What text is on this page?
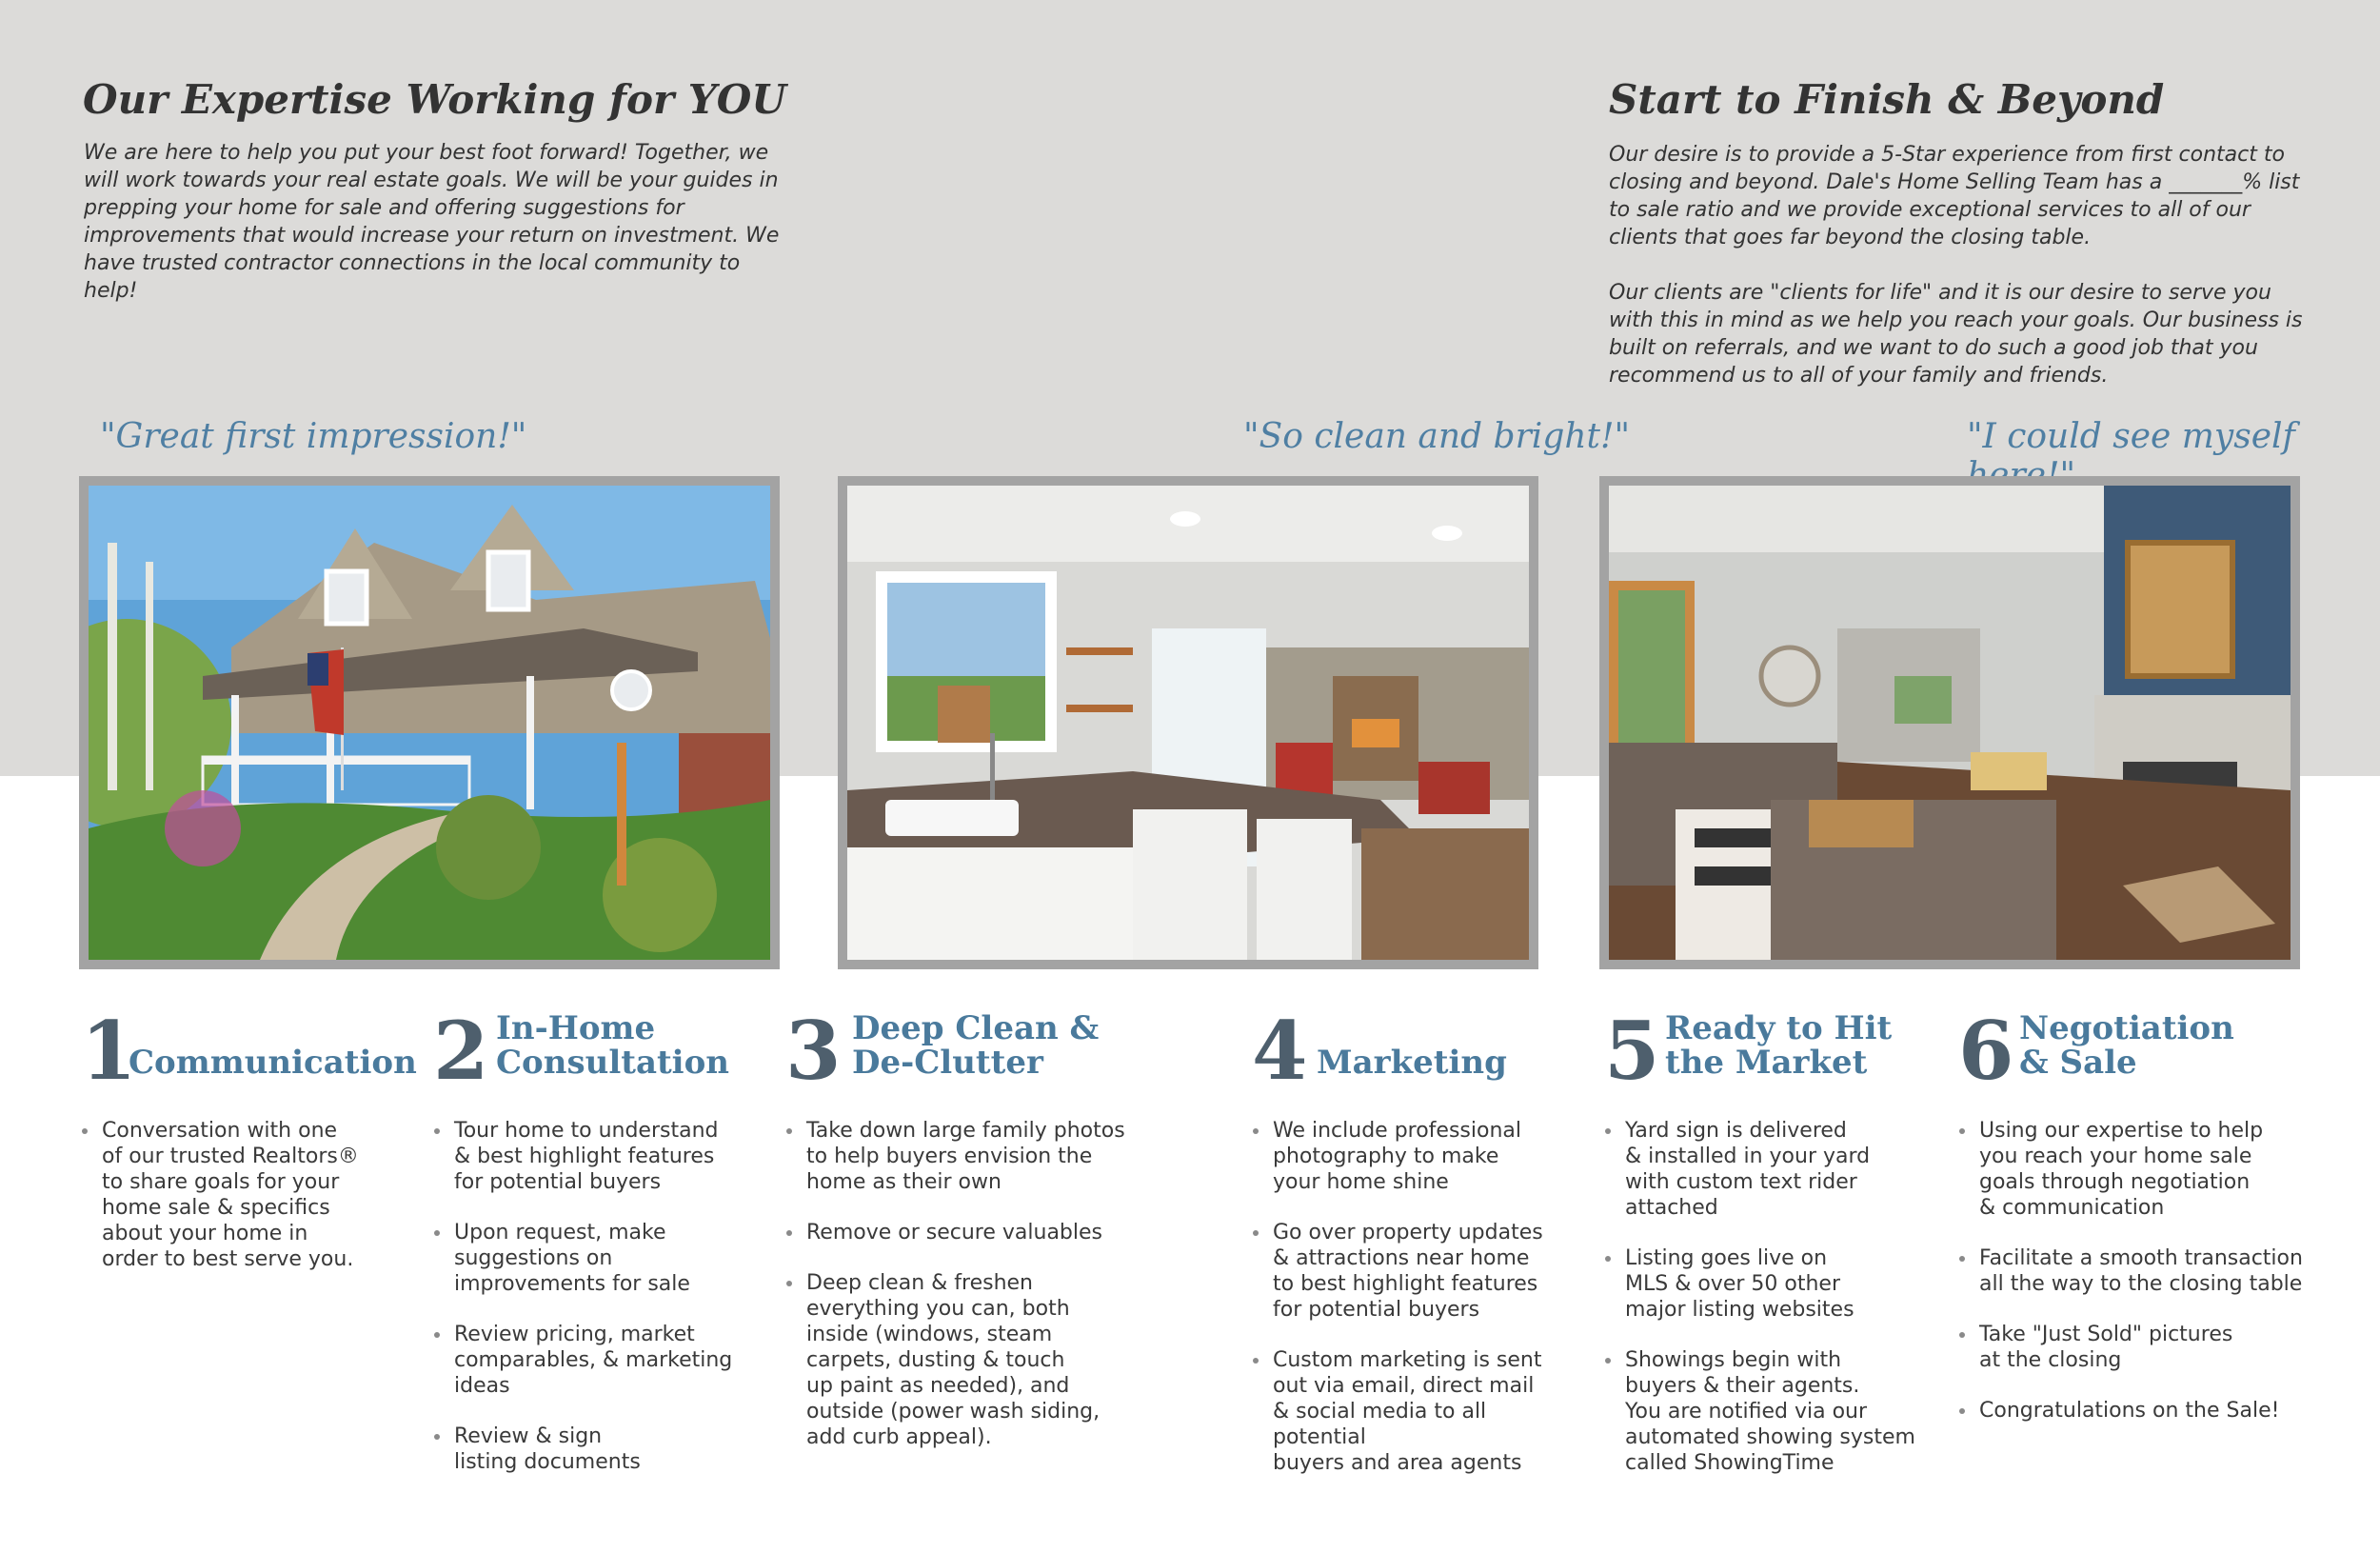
Our Expertise Working for YOU

We are here to help you put your best foot forward! Together, we will work towards your real estate goals. We will be your guides in prepping your home for sale and offering suggestions for improvements that would increase your return on investment. We have trusted contractor connections in the local community to help!

Start to Finish & Beyond

Our desire is to provide a 5-Star experience from first contact to closing and beyond. Dale's Home Selling Team has a _______% list to sale ratio and we provide exceptional services to all of our clients that goes far beyond the closing table.

Our clients are "clients for life" and it is our desire to serve you with this in mind as we help you reach your goals. Our business is built on referrals, and we want to do such a good job that you recommend us to all of your family and friends.

"Great first impression!"	"So clean and bright!"	"I could see myself
1
Communication
Conversation with one
of our trusted Realtors®
to share goals for your
home sale & specifics
about your home in
order to best serve you.
2 In-Home
Consultation
Tour home to understand
& best highlight features
for potential buyers
Upon request, make
suggestions on
improvements for sale
Review pricing, market
comparables, & marketing
ideas
Review & sign
listing documents
3 Deep Clean &
De-Clutter
Take down large family photos
to help buyers envision the
home as their own
Remove or secure valuables
Deep clean & freshen
everything you can, both
inside (windows, steam
carpets, dusting & touch
up paint as needed), and
outside (power wash siding,
add curb appeal).
4 Marketing
We include professional
photography to make
your home shine
Go over property updates
& attractions near home
to best highlight features
for potential buyers
Custom marketing is sent
out via email, direct mail
& social media to all potential
buyers and area agents
5 Ready to Hit
the Market
Yard sign is delivered
& installed in your yard
with custom text rider
attached
Listing goes live on
MLS & over 50 other
major listing websites
Showings begin with
buyers & their agents.
You are notified via our
automated showing system
called ShowingTime
6 Negotiation
& Sale
Using our expertise to help
you reach your home sale
goals through negotiation
& communication
Facilitate a smooth transaction
all the way to the closing table
Take "Just Sold" pictures
at the closing
Congratulations on the Sale!
